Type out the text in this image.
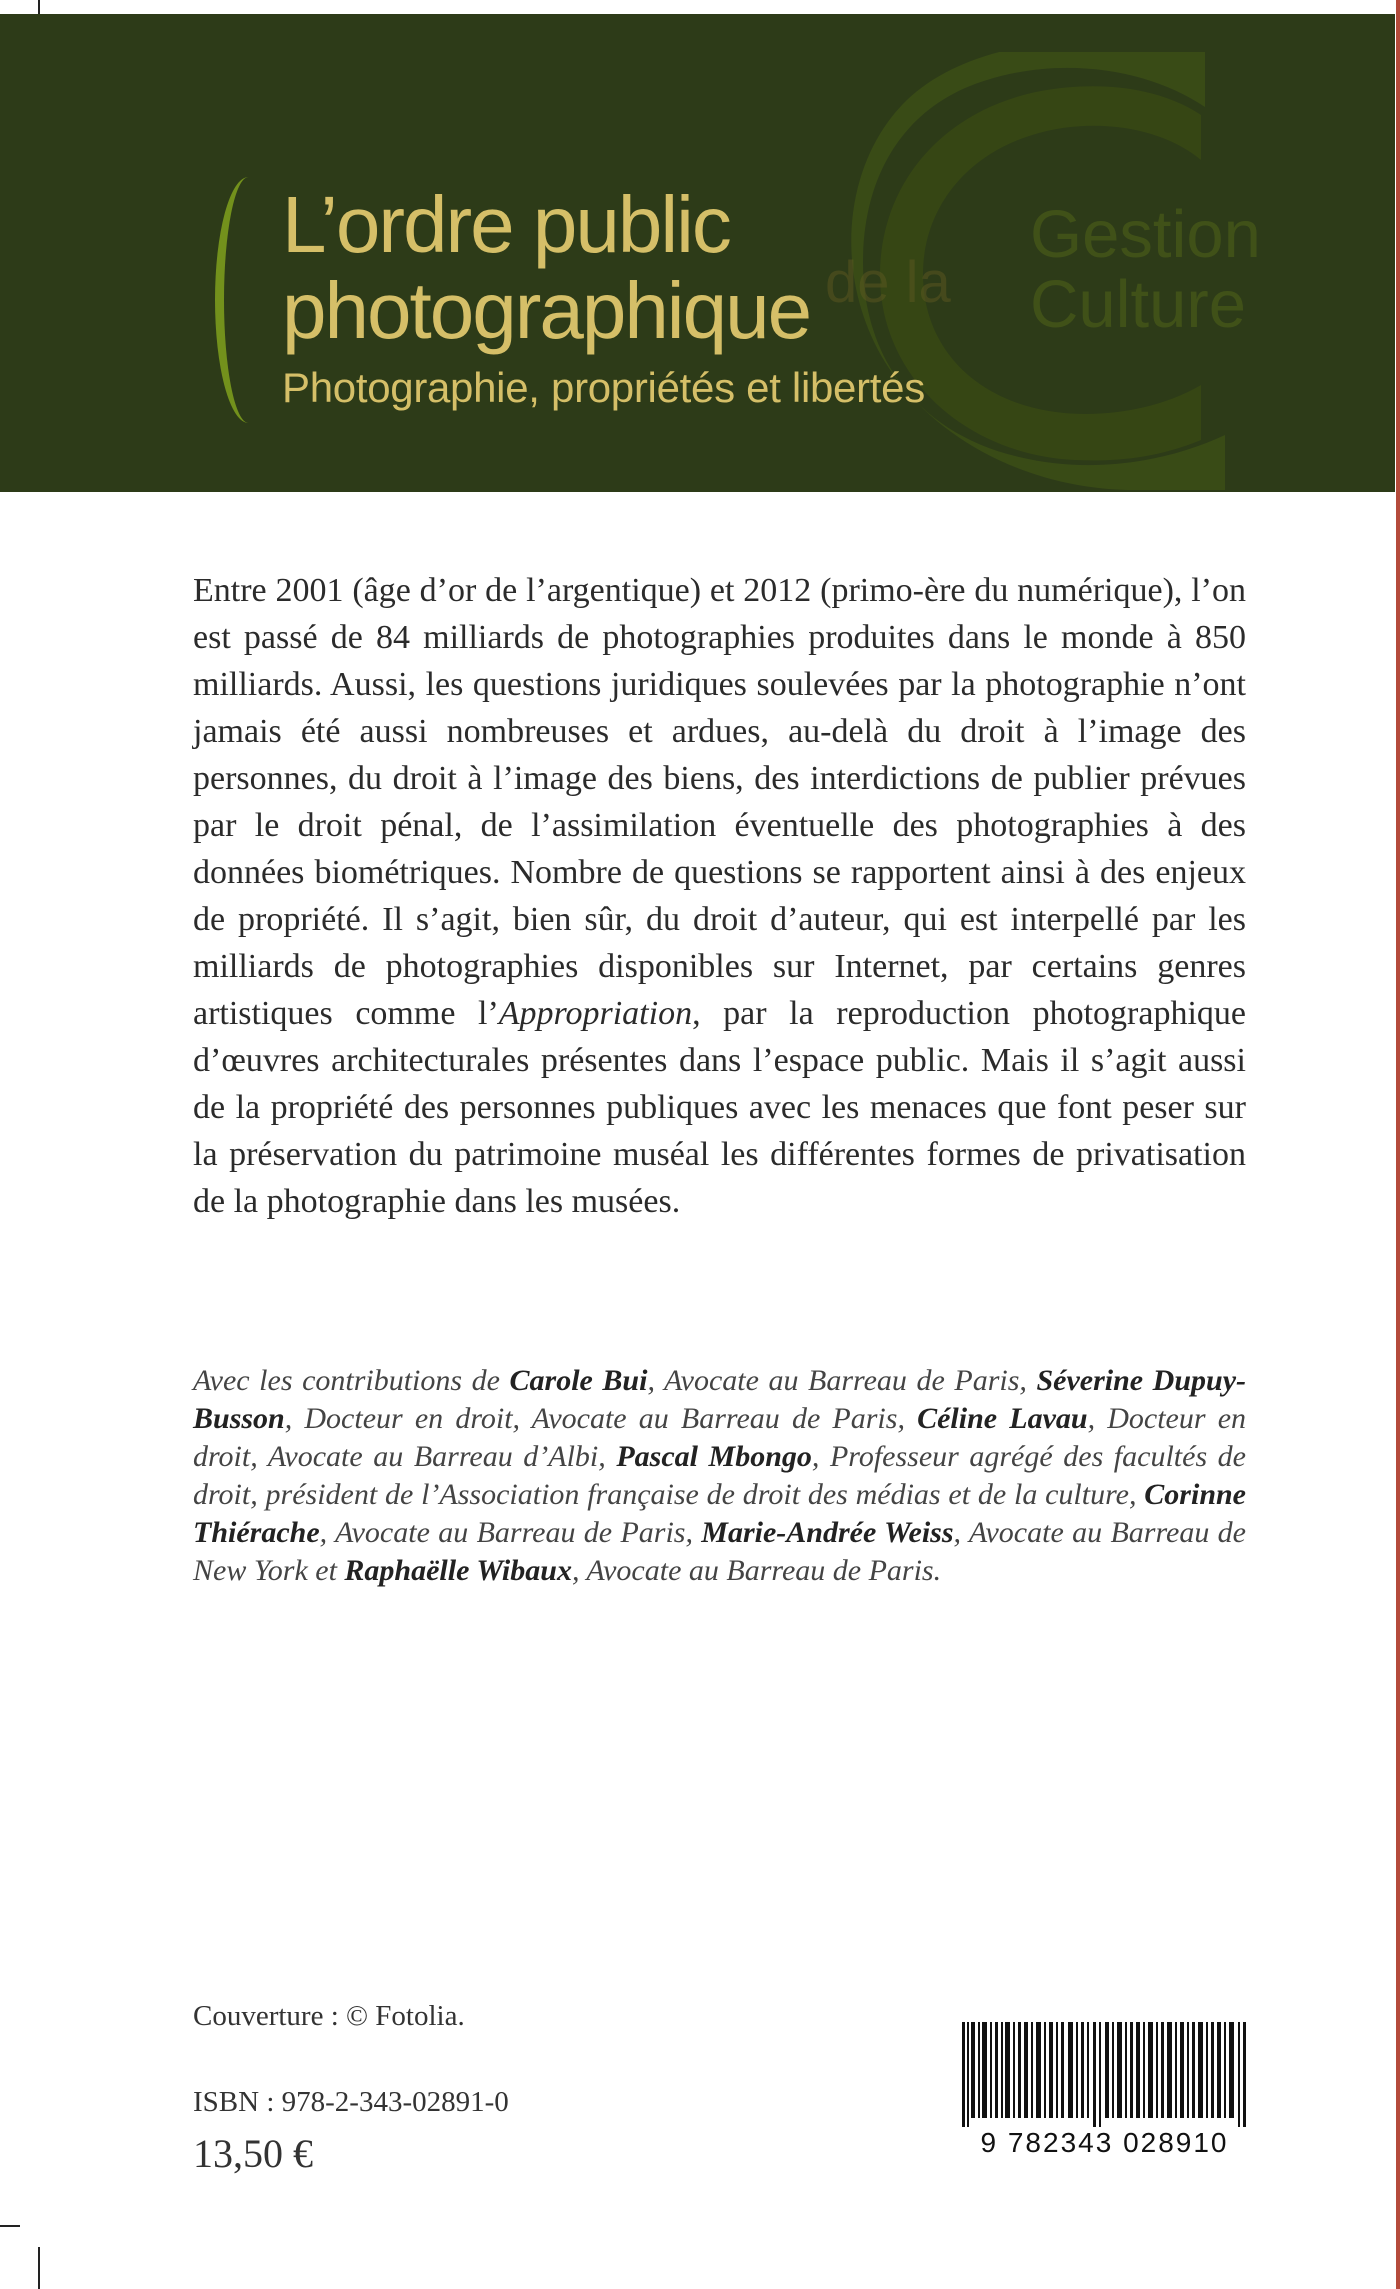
L’ordre public
photographique
Photographie, propriétés et libertés
de la
Gestion
Culture

Entre 2001 (âge d’or de l’argentique) et 2012 (primo-ère du numérique), l’on est passé de 84 milliards de photographies produites dans le monde à 850 milliards. Aussi, les questions juridiques soulevées par la photographie n’ont jamais été aussi nombreuses et ardues, au-delà du droit à l’image des personnes, du droit à l’image des biens, des interdictions de publier prévues par le droit pénal, de l’assimilation éventuelle des photographies à des données biométriques. Nombre de questions se rapportent ainsi à des enjeux de propriété. Il s’agit, bien sûr, du droit d’auteur, qui est interpellé par les milliards de photographies disponibles sur Internet, par certains genres artistiques comme l’Appropriation, par la reproduction photographique d’œuvres architecturales présentes dans l’espace public. Mais il s’agit aussi de la propriété des personnes publiques avec les menaces que font peser sur la préservation du patrimoine muséal les différentes formes de privatisation de la photographie dans les musées.

Avec les contributions de Carole Bui, Avocate au Barreau de Paris, Séverine Dupuy-Busson, Docteur en droit, Avocate au Barreau de Paris, Céline Lavau, Docteur en droit, Avocate au Barreau d’Albi, Pascal Mbongo, Professeur agrégé des facultés de droit, président de l’Association française de droit des médias et de la culture, Corinne Thiérache, Avocate au Barreau de Paris, Marie-Andrée Weiss, Avocate au Barreau de New York et Raphaëlle Wibaux, Avocate au Barreau de Paris.

Couverture : © Fotolia.
ISBN : 978-2-343-02891-0
13,50 €	9 782343 028910
